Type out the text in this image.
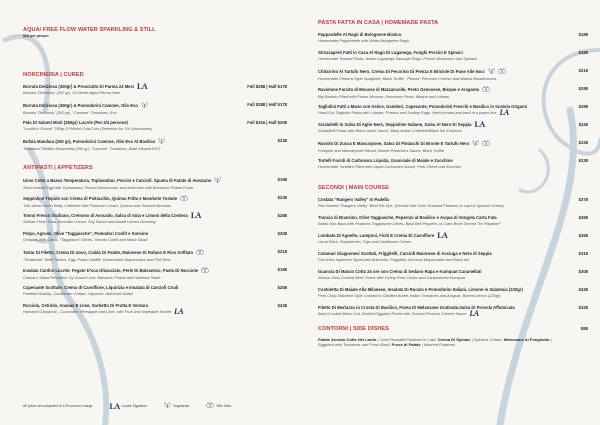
AQUA/ FREE FLOW WATER SPARKLING & STILL
$28 per person
NORCINERIA | CURED
Burrata Deliziosa (300gr) & Prosciutto Di Parma 24 Mesi LA	Full $288 | Half $178
Burrata "Deliziosa" (300 gr), 24 Month Aged Parma Ham
Burrata Deliziosa (300gr) & Pomodorini Camone, Olio Evo	Full $288 | Half $178
Burrata "Deliziosa" (300 gr), "Camone" Tomatoes, Evo
Pala Di Salumi Misti (350gr) LucAle (Per 3/4 persone)	Full $316 | Half $208
"LucAle's Shovel" 350gr Of Mixed Cold Cuts (Selection for 3/4 Gourmands)
Bufala Mandara (250 gr), Pomodorini Camone, Olio Evo Al Basilico	$238
"Mandara" Buffalo Mozzarella (250 gr), "Camone" Tomatoes, Basil Infused EVO
ANTIPASTI | APPETIZERS
Uovo Cotto a Bassa Temperatura, Topinambur, Porcini e Carciofi. Spuma di Patate di Avezzano	$198
Slow-cooked Egg with Topinambur, Porcini Mushrooms, and Artichoke with Avezzano Potato Foam
Seppioline Tiepide con Crema di Pistacchio, Quinoa Fritta e Mandorle Tostate	$238
Thin sliced Warm Baby Cuttlefish with Pistachio Cream, Quinoa and Toasted Almonds
Tonno Fresco Siciliano, Cremoso di Avocado, Salsa di Soia e Limoni della Costiera LA	$288
Sicilian Fresh Tuna, Avocado Cream, Soy Sauce and Amalfi Lemon Dressing
Polpo, Agrumi, Olive "Taggiasche", Pomodori Confit e Soncino	$208
Octopus With Citrus, "Taggiasca" Olives, Tomato Confit and Mash Salad
Tartar Di Filetto, Crema Di Uovo, Cialda Di Patate, Maionese Di Rafano E Riso Soffiato	$218
"Tenderloin" Beef Tartare, Egg, Potato Waffle, Horseradish Mayonnaise and Puff Rice
Insalata Cardini LucAle: Fegato D'oca Ghiacciato, Perle Di Balsamico, Pasta Di Nocciole	$198
Caesar's Salad Revisited: Icy Goose Liver, Balsamic Pearls and Hazelnut Paste
Capesante Scottate, Crema di Cavolfiore, Liquirizia e Insalata di Carciofi Crudi	$258
Panfried Scallop, Cauliflower Cream, Liquorice, Artichoke Salad
Ricciola, Cetriolo, Ananas E Lime, Sorbetto Di Frutta E Verdura	$248
Hamachi Carpaccio , Cucumber, Pineapple and Lime, with Fruit and Vegetable Sorbet LA
PASTA FATTA IN CASA | HOMEMADE PASTA
Pappardelle Al Ragù di Bolognese Bianca	$188
Homemade Pappardelle with White Bolognese Ragù
Strozzapreti Fatti in Casa Al Ragù Di Luganega, Funghi Porcini E Spinaci	$188
Homemade Twisted Pasta, Italian Luganega Sausage Ragù, Porcini Mushroom and Spinach
Chitarrino Al Tartufo Nero, Crema Di Pecorino Di Pienza E Briciole Di Pane Alle Noci	$218
Homemade Chitarra Style Spaghetti, Black Truffle, "Pienza" Pecorino Cheese and Walnut Breadcrumbs
Raviolone Farcito di Mousse di Mazzancolle, Pesto Genovese, Bisque e Aragosta	$298
Big Raviolo Filled with Prawn Mousse, Genovese Pesto, Bisque and Lobster
Tagliolini Fatti a Mano con Astice, Gamberi, Capesante, Pomodorini Freschi e Basilico in Scatola Origami	$298
Hand Cut Tagliolini Pasta with Lobster, Prawns and Scallop Ragù, fresh tomato and basil in a paper box LA
Scialatielli In Salsa Di Aglio Nero, Seppioline Italiane, Salsa Al Nero Di Seppia LA	$248
Scialatielli Pasta with Black Garlic Sauce, Baby Italian Cuttlefish/Black Ink Emulsion
Raviolo Di Zucca E Mascarpone, Salsa Di Pistacchi Di Bronte E Tartufo Nero	$228
Pumpkin and Mascarpone Ravioli, Bronte Pistachios Sauce, Black Truffle
Tortelli Farciti di Carbonara Liquida, Guanciale di Maiale e Zucchine	$238
Homemade Tortellini Filled with Liquid Carbonara Sauce, Pork Cheek and Zucchini
SECONDI | MAIN COURSE
Costata "Rangers Valley" In Padella	$378
Pan Seared "Rangers Valley" Beef Rib Eye, (Served with Oven Roasted Potatoes in Lard & Spinach Cream)
Trancio di Branzino, Olive Taggiasche, Peperoni al Basilico e Acqua di Vongola Carta Fata	$368
Italian Sea Bass with Potatoes Taggiasche Olives, Basil Bell Peppers, in Clam Broth Served "En Papillote"
Lombata Di Agnello, Lamponi, Fichi E Crema Di Cavolfiore LA	$368
Lamb Rack, Raspberries, Figs and Cauliflower Cream
Calamari Giapponesi Scottati, Friggitelli, Carciofi Maionese di Acciuga e Nero di Seppia	$318
Pan-fried Japanese Squid with Artichoke, Friggitelli, Anchovy Mayonnaise and Black Ink
Guancia Di Manzo Cotta 24 ore con Crema di Sedano Rapa e Kumquat Caramellati	$308
24hour Slow Cooked Beef Cheek with Celery Root Cream and Caramelized Kumquat
Costoletta Di Maiale Alla Milanese, Insalata Di Rucola e Pomodorini Italiani, Limone in Salamoia (220gr)	$348
Pork Chop Milanese Style Cooked in Clarified Butter, Italian Tomatoes and Arugula, Brined Lemon (220gr)
Filetto Di Merluzzo in Crosta Di Basilico, Purea Di Melanzane Gratinate,Salsa Di Provola Affumicata	$328
Basil Crusted Black Cod, Broiled Eggplant Puree with Smoked Provola Cheese Sauce LA
CONTORNI | SIDE DISHES	$88
Patate Arrosto Cotte Nel Lardo | Oven Roasted Potatoes in Lard, Crema Di Spinaci | Spinach Cream, Melanzane Al Funghetto | Eggplant with Tomatoes and Fresh Basil, Puree di Patate | Mashed Potatoes
All prices are subjected to 10% service charge	LA Lucale Signature	Vegetarian	With Nuts
